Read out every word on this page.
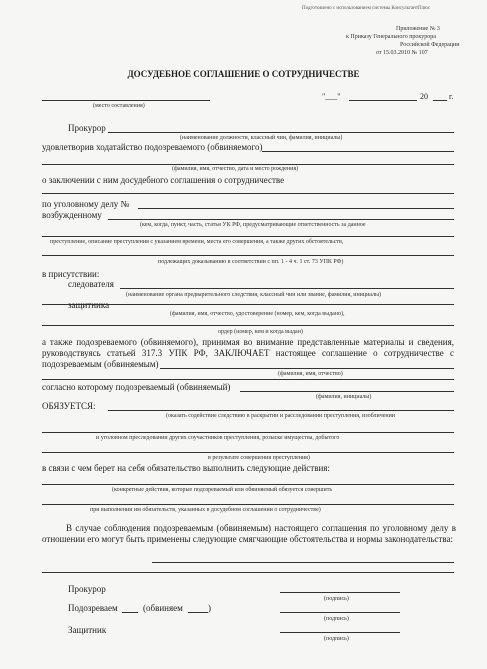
Подготовлено с использованием системы КонсультантПлюс
Приложение № 3
к Приказу Генерального прокурора
Российской Федерации
от 15.03.2010 № 107
ДОСУДЕБНОЕ СОГЛАШЕНИЕ О СОТРУДНИЧЕСТВЕ
(место составления)
"___"	20	г.
Прокурор
(наименование должности, классный чин, фамилия, инициалы)
удовлетворив ходатайство подозреваемого (обвиняемого)
(фамилия, имя, отчество, дата и место рождения)
о заключении с ним досудебного соглашения о сотрудничестве
по уголовному делу №
возбужденному
(кем, когда, пункт, часть, статья УК РФ, предусматривающие ответственность за данное
преступление, описание преступления с указанием времени, места его совершения, а также других обстоятельств,
подлежащих доказыванию в соответствии с пп. 1 - 4 ч. 1 ст. 73 УПК РФ)
в присутствии:
следователя
(наименование органа предварительного следствия, классный чин или звание, фамилия, инициалы)
защитника
(фамилия, имя, отчество, удостоверение (номер, кем, когда выдано),
ордер (номер, кем и когда выдан)
а также подозреваемого (обвиняемого), принимая во внимание представленные материалы и сведения, руководствуясь статьей 317.3 УПК РФ, ЗАКЛЮЧАЕТ настоящее соглашение о сотрудничестве с подозреваемым (обвиняемым)
(фамилия, имя, отчество)
согласно которому подозреваемый (обвиняемый)
(фамилия, инициалы)
ОБЯЗУЕТСЯ:
(оказать содействие следствию в раскрытии и расследовании преступления, изобличении
и уголовном преследовании других соучастников преступления, розыске имущества, добытого
в результате совершения преступления)
в связи с чем берет на себя обязательство выполнить следующие действия:
(конкретные действия, которые подозреваемый или обвиняемый обязуется совершить
при выполнении им обязательств, указанных в досудебном соглашении о сотрудничестве)
В случае соблюдения подозреваемым (обвиняемым) настоящего соглашения по уголовному делу в отношении его могут быть применены следующие смягчающие обстоятельства и нормы законодательства:
Прокурор
(подпись)
Подозреваем	(обвиняем	)
(подпись)
Защитник
(подпись)
